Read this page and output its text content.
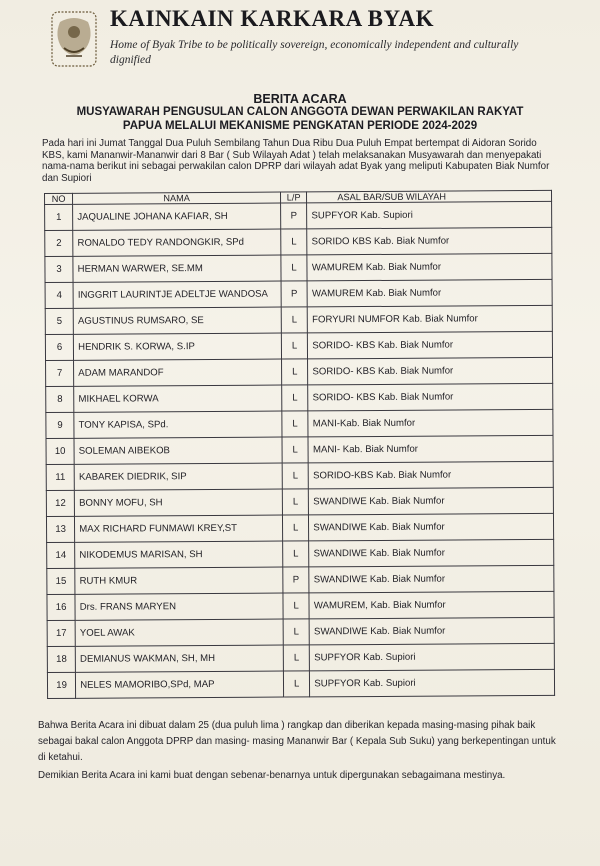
KAINKAIN KARKARA BYAK
Home of Byak Tribe to be politically sovereign, economically independent and culturally dignified
BERITA ACARA
MUSYAWARAH PENGUSULAN CALON ANGGOTA DEWAN PERWAKILAN RAKYAT
PAPUA MELALUI MEKANISME PENGKATAN PERIODE 2024-2029
Pada hari ini Jumat Tanggal Dua Puluh Sembilang Tahun Dua Ribu Dua Puluh Empat bertempat di Aidoran Sorido KBS, kami Mananwir-Mananwir dari 8 Bar ( Sub Wilayah Adat ) telah melaksanakan Musyawarah dan menyepakati nama-nama berikut ini sebagai perwakilan calon DPRP dari wilayah adat Byak yang meliputi Kabupaten Biak Numfor dan Supiori
NO	NAMA	L/P	ASAL BAR/SUB WILAYAH
1	JAQUALINE JOHANA KAFIAR, SH	P	SUPFYOR Kab. Supiori
2	RONALDO TEDY RANDONGKIR, SPd	L	SORIDO KBS Kab. Biak Numfor
3	HERMAN WARWER, SE.MM	L	WAMUREM Kab. Biak Numfor
4	INGGRIT LAURINTJE ADELTJE WANDOSA	P	WAMUREM Kab. Biak Numfor
5	AGUSTINUS RUMSARO, SE	L	FORYURI NUMFOR Kab. Biak Numfor
6	HENDRIK S. KORWA, S.IP	L	SORIDO- KBS Kab. Biak Numfor
7	ADAM MARANDOF	L	SORIDO- KBS Kab. Biak Numfor
8	MIKHAEL KORWA	L	SORIDO- KBS Kab. Biak Numfor
9	TONY KAPISA, SPd.	L	MANI-Kab. Biak Numfor
10	SOLEMAN AIBEKOB	L	MANI- Kab. Biak Numfor
11	KABAREK DIEDRIK, SIP	L	SORIDO-KBS Kab. Biak Numfor
12	BONNY MOFU, SH	L	SWANDIWE Kab. Biak Numfor
13	MAX RICHARD FUNMAWI KREY,ST	L	SWANDIWE Kab. Biak Numfor
14	NIKODEMUS MARISAN, SH	L	SWANDIWE Kab. Biak Numfor
15	RUTH KMUR	P	SWANDIWE Kab. Biak Numfor
16	Drs. FRANS MARYEN	L	WAMUREM, Kab. Biak Numfor
17	YOEL AWAK	L	SWANDIWE Kab. Biak Numfor
18	DEMIANUS WAKMAN, SH, MH	L	SUPFYOR Kab. Supiori
19	NELES MAMORIBO,SPd, MAP	L	SUPFYOR Kab. Supiori
Bahwa Berita Acara ini dibuat dalam 25 (dua puluh lima ) rangkap dan diberikan kepada masing-masing pihak baik sebagai bakal calon Anggota DPRP dan masing- masing Mananwir Bar ( Kepala Sub Suku) yang berkepentingan untuk di ketahui.
Demikian Berita Acara ini kami buat dengan sebenar-benarnya untuk dipergunakan sebagaimana mestinya.
